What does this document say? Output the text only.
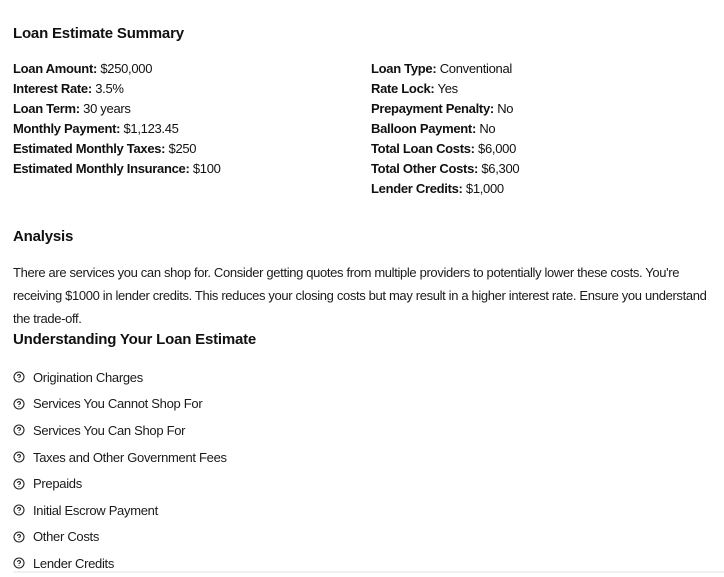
Loan Estimate Summary
Loan Amount: $250,000
Interest Rate: 3.5%
Loan Term: 30 years
Monthly Payment: $1,123.45
Estimated Monthly Taxes: $250
Estimated Monthly Insurance: $100
Loan Type: Conventional
Rate Lock: Yes
Prepayment Penalty: No
Balloon Payment: No
Total Loan Costs: $6,000
Total Other Costs: $6,300
Lender Credits: $1,000
Analysis

There are services you can shop for. Consider getting quotes from multiple providers to potentially lower these costs. You're receiving $1000 in lender credits. This reduces your closing costs but may result in a higher interest rate. Ensure you understand the trade-off.

Understanding Your Loan Estimate
Origination Charges
Services You Cannot Shop For
Services You Can Shop For
Taxes and Other Government Fees
Prepaids
Initial Escrow Payment
Other Costs
Lender Credits
